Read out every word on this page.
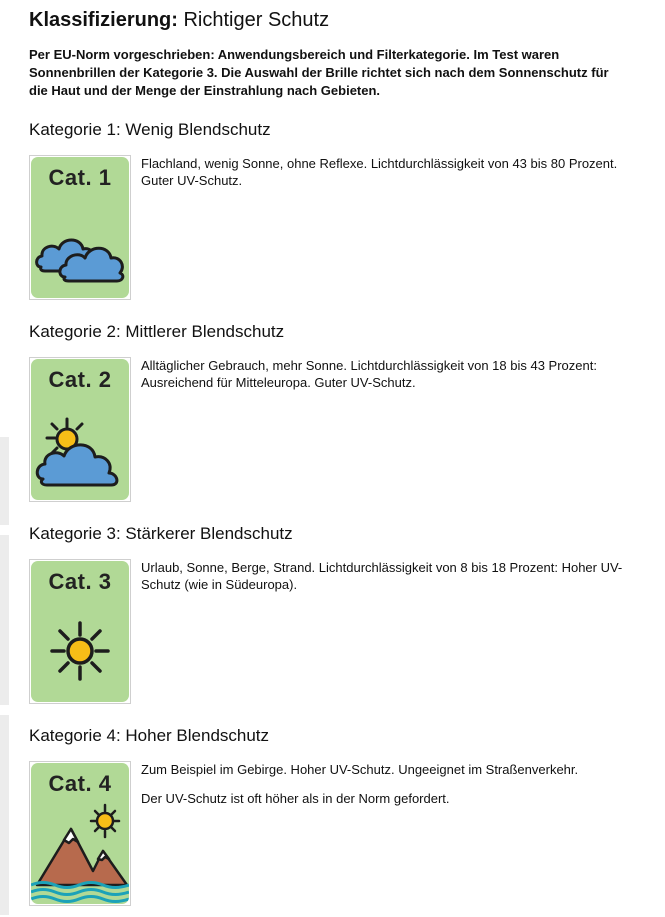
Klassifizierung: Richtiger Schutz

Per EU-Norm vorgeschrieben: Anwendungsbereich und Filterkategorie. Im Test waren Sonnenbrillen der Kategorie 3. Die Auswahl der Brille richtet sich nach dem Sonnenschutz für die Haut und der Menge der Einstrahlung nach Gebieten.

Kategorie 1: Wenig Blendschutz
Cat. 1

Flachland, wenig Sonne, ohne Reflexe. Lichtdurchlässigkeit von 43 bis 80 Prozent. Guter UV-Schutz.

Kategorie 2: Mittlerer Blendschutz
Cat. 2

Alltäglicher Gebrauch, mehr Sonne. Lichtdurchlässigkeit von 18 bis 43 Prozent: Ausreichend für Mitteleuropa. Guter UV-Schutz.

Kategorie 3: Stärkerer Blendschutz
Cat. 3

Urlaub, Sonne, Berge, Strand. Lichtdurchlässigkeit von 8 bis 18 Prozent: Hoher UV-Schutz (wie in Südeuropa).

Kategorie 4: Hoher Blendschutz
Cat. 4

Zum Beispiel im Gebirge. Hoher UV-Schutz. Ungeeignet im Straßenverkehr.

Der UV-Schutz ist oft höher als in der Norm gefordert.
